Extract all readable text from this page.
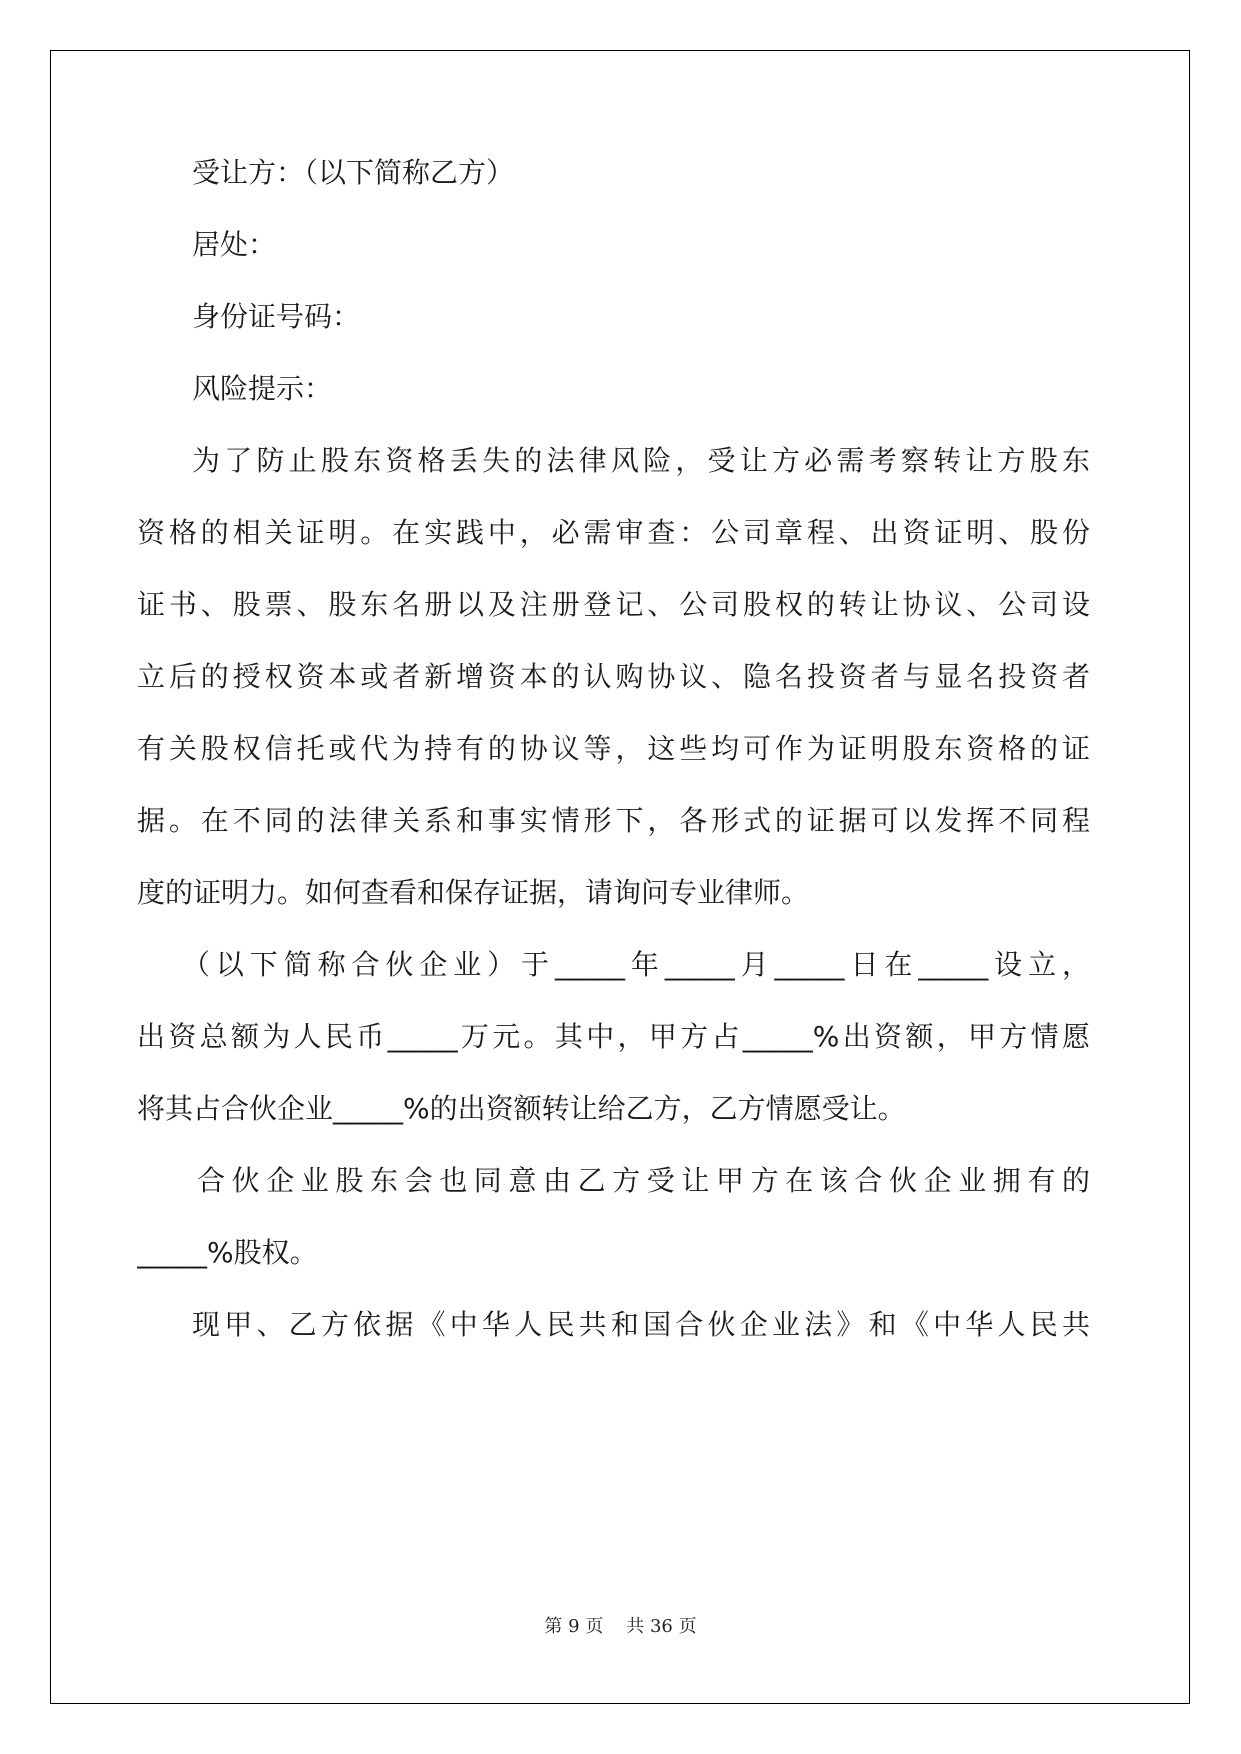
受让方：（以下简称乙方）
居处：
身份证号码：
风险提示：
为了防止股东资格丢失的法律风险，受让方必需考察转让方股东
资格的相关证明。在实践中，必需审查：公司章程、出资证明、股份
证书、股票、股东名册以及注册登记、公司股权的转让协议、公司设
立后的授权资本或者新增资本的认购协议、隐名投资者与显名投资者
有关股权信托或代为持有的协议等，这些均可作为证明股东资格的证
据。在不同的法律关系和事实情形下，各形式的证据可以发挥不同程
度的证明力。如何查看和保存证据，请询问专业律师。
（以下简称合伙企业）于_____年_____月_____日在_____设立，
出资总额为人民币_____万元。其中，甲方占_____%出资额，甲方情愿
将其占合伙企业_____%的出资额转让给乙方，乙方情愿受让。
合伙企业股东会也同意由乙方受让甲方在该合伙企业拥有的
_____%股权。
现甲、乙方依据《中华人民共和国合伙企业法》和《中华人民共
第 9 页 共 36 页
